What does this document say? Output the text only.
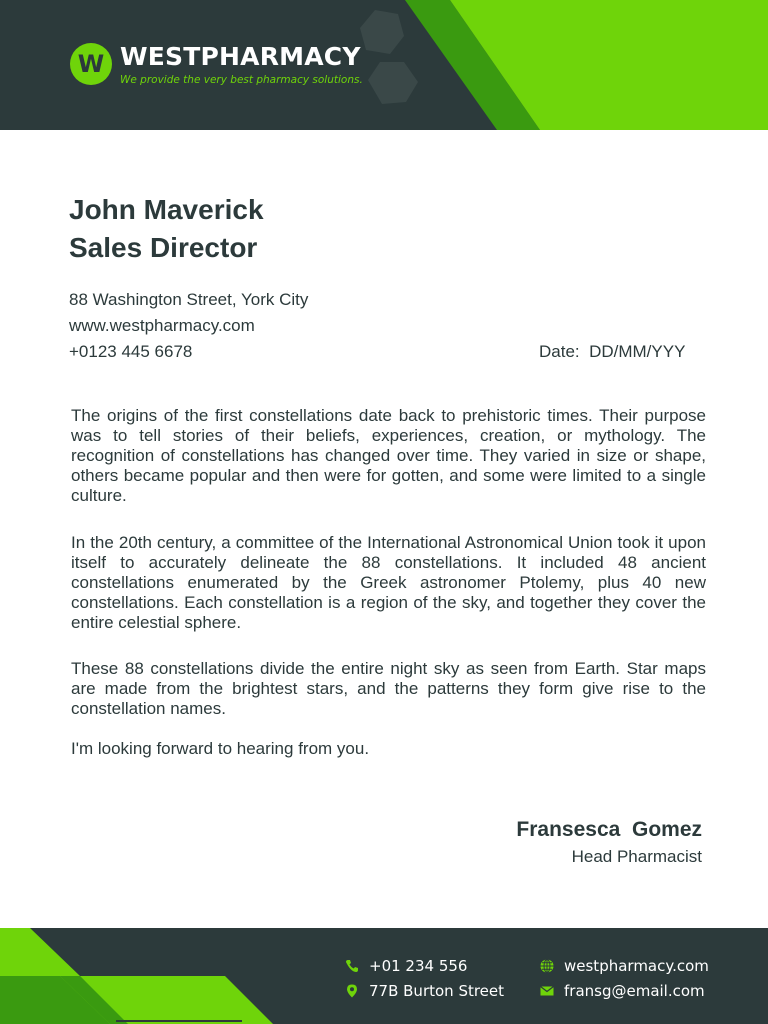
W WESTPHARMACY
We provide the very best pharmacy solutions.
John Maverick
Sales Director
88 Washington Street, York City
www.westpharmacy.com
+0123 445 6678	Date:  DD/MM/YYY
The origins of the first constellations date back to prehistoric times. Their purpose was to tell stories of their beliefs, experiences, creation, or mythology. The recognition of constellations has changed over time. They varied in size or shape, others became popular and then were for gotten, and some were limited to a single culture.
In the 20th century, a committee of the International Astronomical Union took it upon itself to accurately delineate the 88 constellations. It included 48 ancient constellations enumerated by the Greek astronomer Ptolemy, plus 40 new constellations. Each constellation is a region of the sky, and together they cover the entire celestial sphere.
These 88 constellations divide the entire night sky as seen from Earth. Star maps are made from the brightest stars, and the patterns they form give rise to the constellation names.
I'm looking forward to hearing from you.
Fransesca  Gomez
Head Pharmacist
+01 234 556
77B Burton Street
westpharmacy.com
fransg@email.com
